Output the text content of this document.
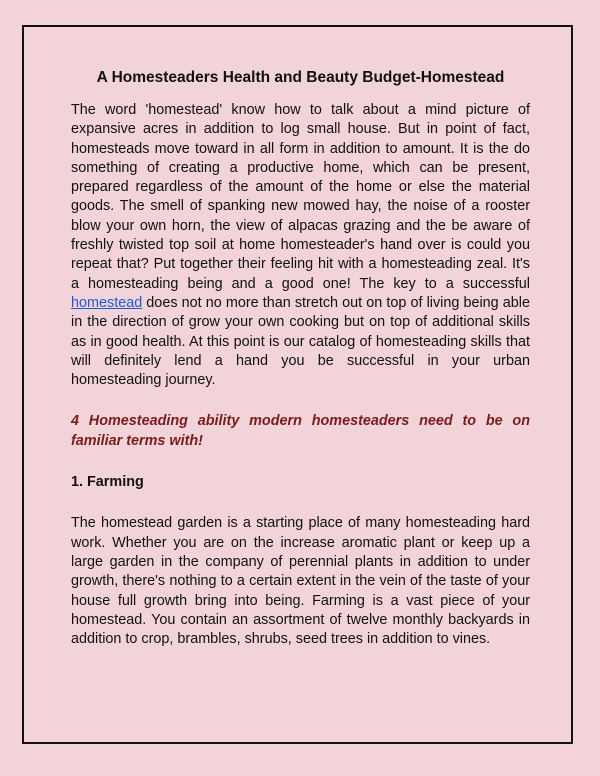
A Homesteaders Health and Beauty Budget-Homestead

The word 'homestead' know how to talk about a mind picture of expansive acres in addition to log small house. But in point of fact, homesteads move toward in all form in addition to amount. It is the do something of creating a productive home, which can be present, prepared regardless of the amount of the home or else the material goods. The smell of spanking new mowed hay, the noise of a rooster blow your own horn, the view of alpacas grazing and the be aware of freshly twisted top soil at home homesteader's hand over is could you repeat that? Put together their feeling hit with a homesteading zeal. It's a homesteading being and a good one! The key to a successful homestead does not no more than stretch out on top of living being able in the direction of grow your own cooking but on top of additional skills as in good health. At this point is our catalog of homesteading skills that will definitely lend a hand you be successful in your urban homesteading journey.

4 Homesteading ability modern homesteaders need to be on familiar terms with!

1. Farming

The homestead garden is a starting place of many homesteading hard work. Whether you are on the increase aromatic plant or keep up a large garden in the company of perennial plants in addition to under growth, there's nothing to a certain extent in the vein of the taste of your house full growth bring into being. Farming is a vast piece of your homestead. You contain an assortment of twelve monthly backyards in addition to crop, brambles, shrubs, seed trees in addition to vines.
